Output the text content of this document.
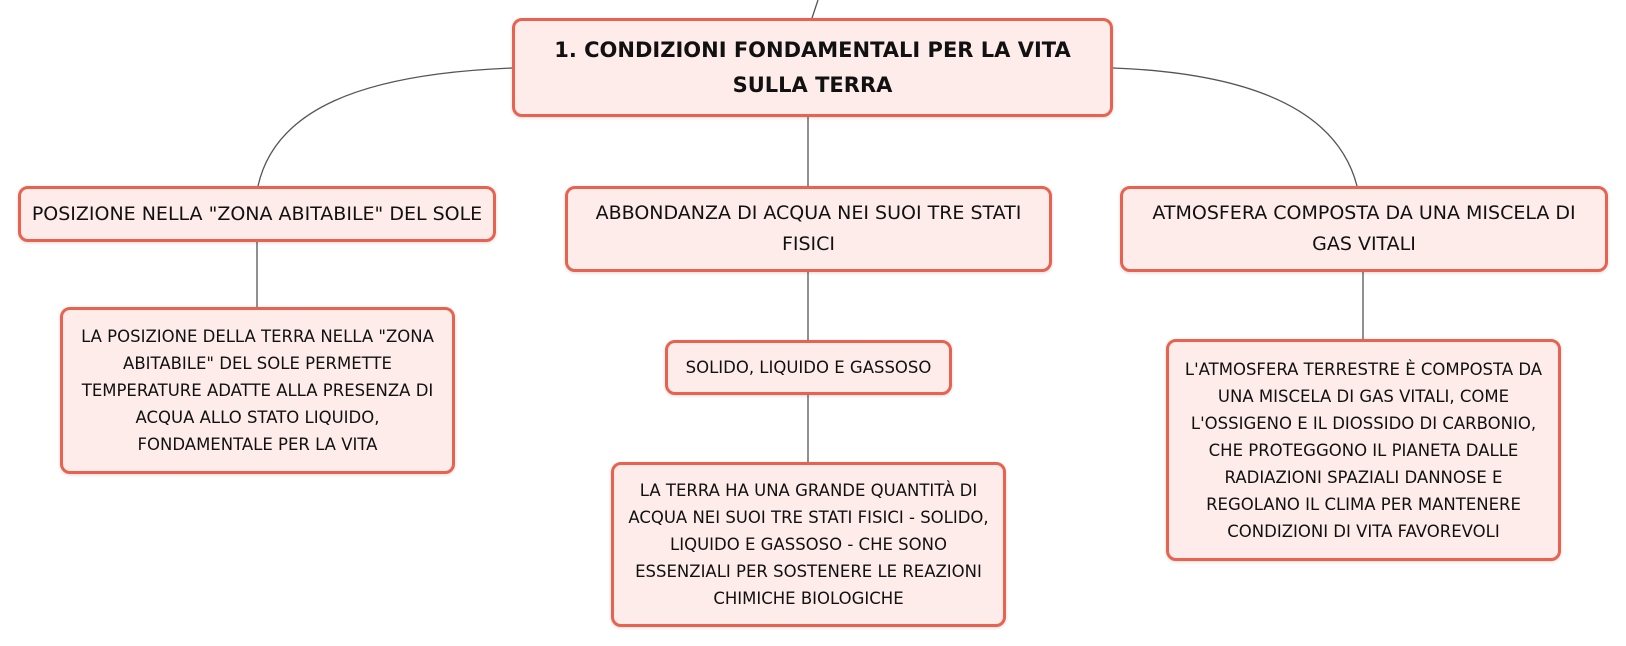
1. CONDIZIONI FONDAMENTALI PER LA VITA SULLA TERRA
POSIZIONE NELLA "ZONA ABITABILE" DEL SOLE	ABBONDANZA DI ACQUA NEI SUOI TRE STATI FISICI
ATMOSFERA COMPOSTA DA UNA MISCELA DI GAS VITALI
LA POSIZIONE DELLA TERRA NELLA "ZONA ABITABILE" DEL SOLE PERMETTE TEMPERATURE ADATTE ALLA PRESENZA DI ACQUA ALLO STATO LIQUIDO, FONDAMENTALE PER LA VITA
SOLIDO, LIQUIDO E GASSOSO	L'ATMOSFERA TERRESTRE È COMPOSTA DA UNA MISCELA DI GAS VITALI, COME L'OSSIGENO E IL DIOSSIDO DI CARBONIO, CHE PROTEGGONO IL PIANETA DALLE RADIAZIONI SPAZIALI DANNOSE E REGOLANO IL CLIMA PER MANTENERE CONDIZIONI DI VITA FAVOREVOLI
LA TERRA HA UNA GRANDE QUANTITÀ DI ACQUA NEI SUOI TRE STATI FISICI - SOLIDO, LIQUIDO E GASSOSO - CHE SONO ESSENZIALI PER SOSTENERE LE REAZIONI CHIMICHE BIOLOGICHE
